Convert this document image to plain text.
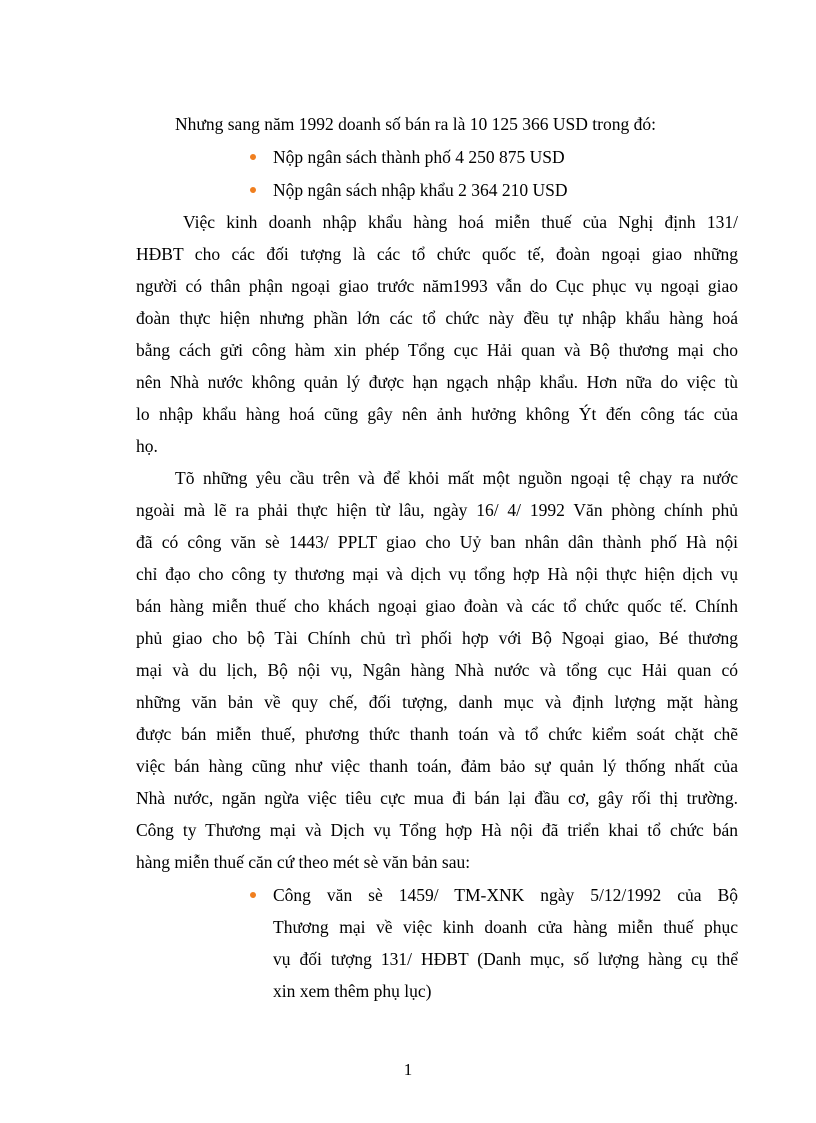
Nhưng sang năm 1992 doanh số bán ra là 10 125 366 USD trong đó:
Nộp ngân sách thành phố 4 250 875 USD
Nộp ngân sách nhập khẩu 2 364 210 USD
Việc kinh doanh nhập khẩu hàng hoá miễn thuế của Nghị định 131/
HĐBT cho các đối tượng là các tổ chức quốc tế, đoàn ngoại giao những
người có thân phận ngoại giao trước năm1993 vẫn do Cục phục vụ ngoại giao
đoàn thực hiện nhưng phần lớn các tổ chức này đều tự nhập khẩu hàng hoá
bằng cách gửi công hàm xin phép Tổng cục Hải quan và Bộ thương mại cho
nên Nhà nước không quản lý được hạn ngạch nhập khẩu. Hơn nữa do việc tù
lo nhập khẩu hàng hoá cũng gây nên ảnh hưởng không Ýt đến công tác của
họ.
Tõ những yêu cầu trên và để khỏi mất một nguồn ngoại tệ chạy ra nước
ngoài mà lẽ ra phải thực hiện từ lâu, ngày 16/ 4/ 1992 Văn phòng chính phủ
đã có công văn sè 1443/ PPLT giao cho Uỷ ban nhân dân thành phố Hà nội
chỉ đạo cho công ty thương mại và dịch vụ tổng hợp Hà nội thực hiện dịch vụ
bán hàng miễn thuế cho khách ngoại giao đoàn và các tổ chức quốc tế. Chính
phủ giao cho bộ Tài Chính chủ trì phối hợp với Bộ Ngoại giao, Bé thương
mại và du lịch, Bộ nội vụ, Ngân hàng Nhà nước và tổng cục Hải quan có
những văn bản về quy chế, đối tượng, danh mục và định lượng mặt hàng
được bán miễn thuế, phương thức thanh toán và tổ chức kiểm soát chặt chẽ
việc bán hàng cũng như việc thanh toán, đảm bảo sự quản lý thống nhất của
Nhà nước, ngăn ngừa việc tiêu cực mua đi bán lại đầu cơ, gây rối thị trường.
Công ty Thương mại và Dịch vụ Tổng hợp Hà nội đã triển khai tổ chức bán
hàng miễn thuế căn cứ theo mét sè văn bản sau:
Công văn sè 1459/ TM-XNK ngày 5/12/1992 của Bộ
Thương mại về việc kinh doanh cửa hàng miễn thuế phục
vụ đối tượng 131/ HĐBT (Danh mục, số lượng hàng cụ thể
xin xem thêm phụ lục)
1
